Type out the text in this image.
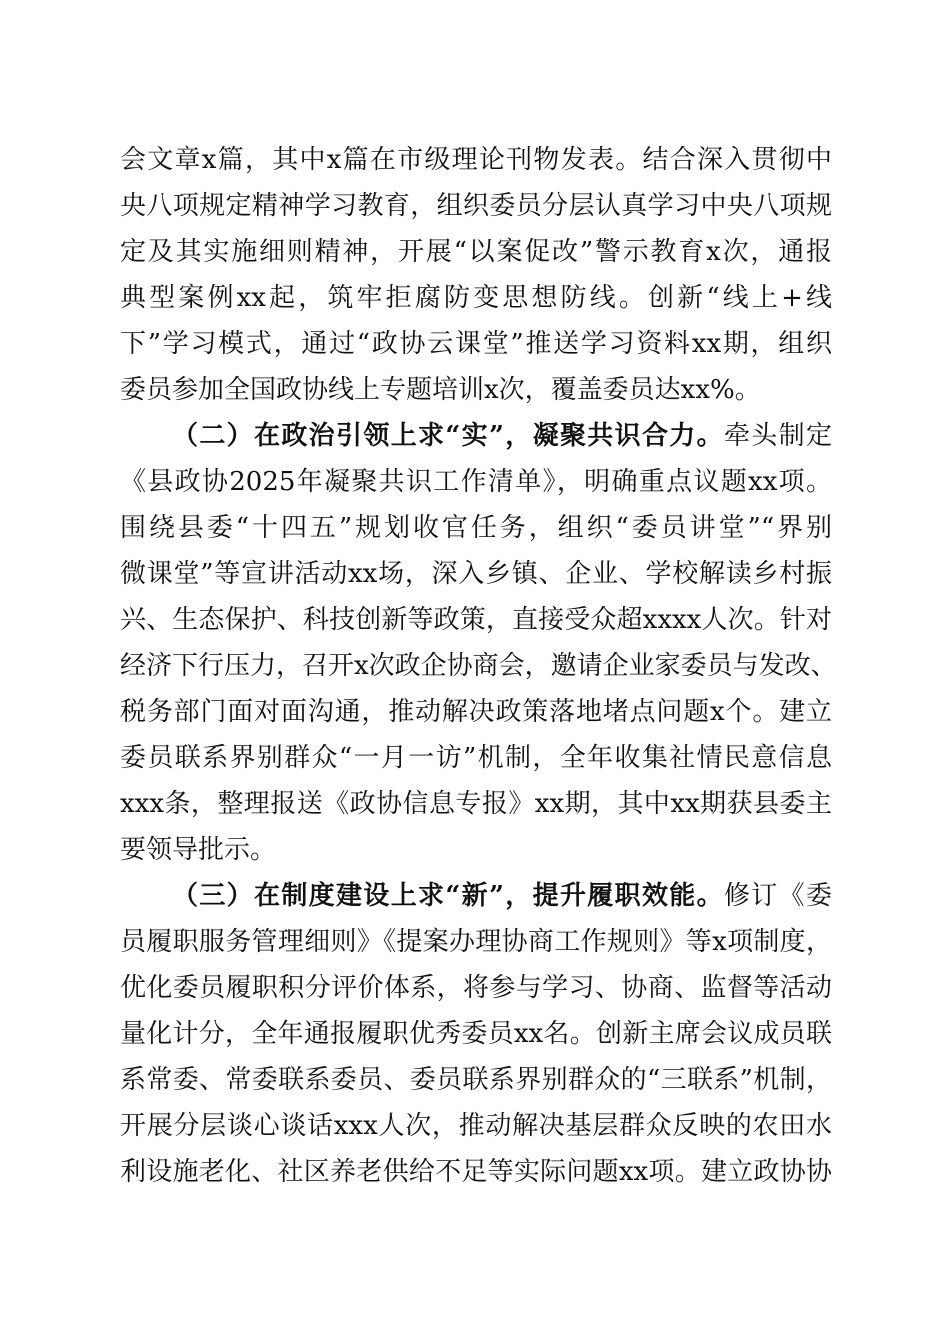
会文章x篇，其中x篇在市级理论刊物发表。结合深入贯彻中
央八项规定精神学习教育，组织委员分层认真学习中央八项规
定及其实施细则精神，开展“以案促改”警示教育x次，通报
典型案例xx起，筑牢拒腐防变思想防线。创新“线上+线
下”学习模式，通过“政协云课堂”推送学习资料xx期，组织
委员参加全国政协线上专题培训x次，覆盖委员达xx%。
（二）在政治引领上求“实”，凝聚共识合力。牵头制定
《县政协2025年凝聚共识工作清单》，明确重点议题xx项。
围绕县委“十四五”规划收官任务，组织“委员讲堂”“界别
微课堂”等宣讲活动xx场，深入乡镇、企业、学校解读乡村振
兴、生态保护、科技创新等政策，直接受众超xxxx人次。针对
经济下行压力，召开x次政企协商会，邀请企业家委员与发改、
税务部门面对面沟通，推动解决政策落地堵点问题x个。建立
委员联系界别群众“一月一访”机制，全年收集社情民意信息
xxx条，整理报送《政协信息专报》xx期，其中xx期获县委主
要领导批示。
（三）在制度建设上求“新”，提升履职效能。修订《委
员履职服务管理细则》《提案办理协商工作规则》等x项制度，
优化委员履职积分评价体系，将参与学习、协商、监督等活动
量化计分，全年通报履职优秀委员xx名。创新主席会议成员联
系常委、常委联系委员、委员联系界别群众的“三联系”机制，
开展分层谈心谈话xxx人次，推动解决基层群众反映的农田水
利设施老化、社区养老供给不足等实际问题xx项。建立政协协
